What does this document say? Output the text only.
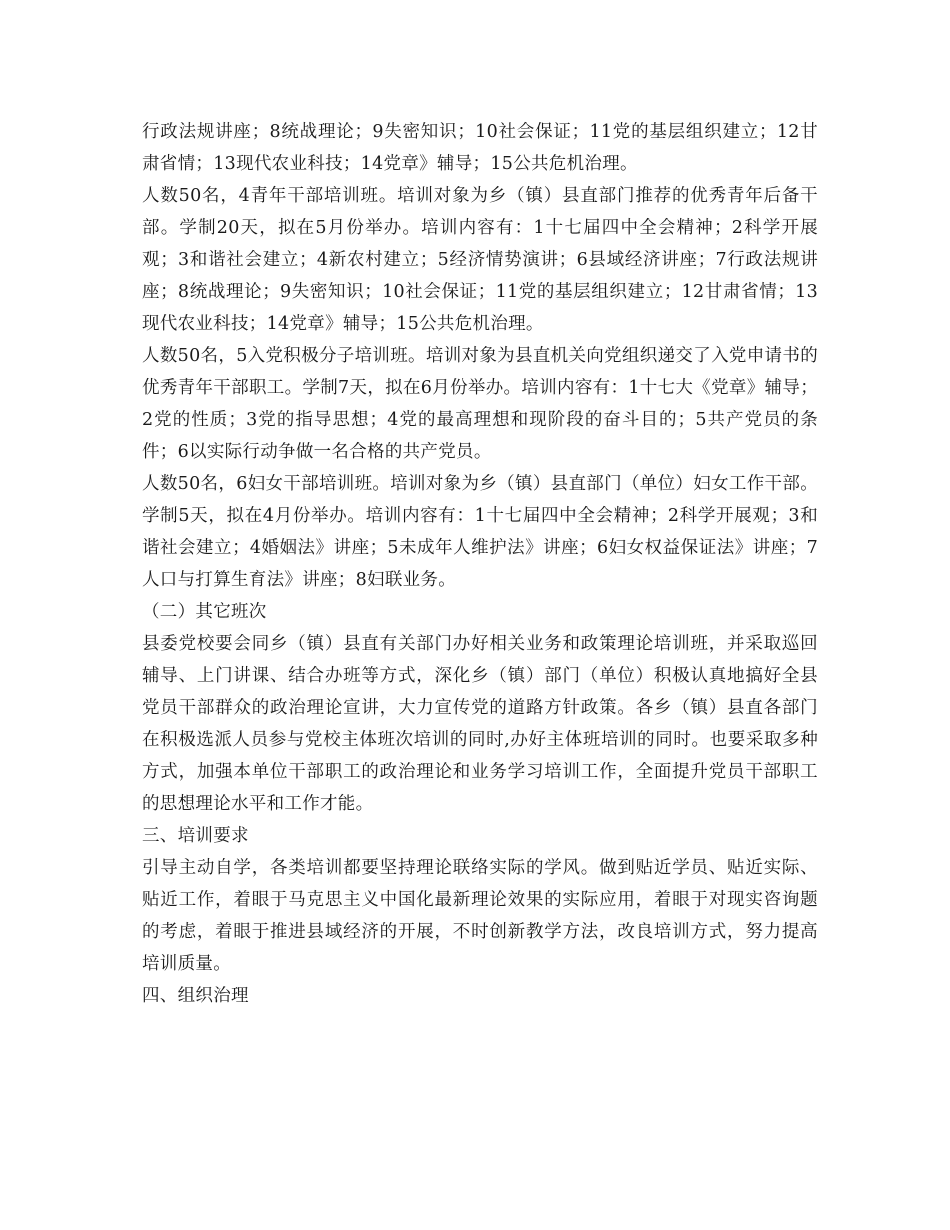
行政法规讲座；8统战理论；9失密知识；10社会保证；11党的基层组织建立；12甘肃省情；13现代农业科技；14党章》辅导；15公共危机治理。

人数50名，4青年干部培训班。培训对象为乡（镇）县直部门推荐的优秀青年后备干部。学制20天，拟在5月份举办。培训内容有：1十七届四中全会精神；2科学开展观；3和谐社会建立；4新农村建立；5经济情势演讲；6县域经济讲座；7行政法规讲座；8统战理论；9失密知识；10社会保证；11党的基层组织建立；12甘肃省情；13现代农业科技；14党章》辅导；15公共危机治理。

人数50名，5入党积极分子培训班。培训对象为县直机关向党组织递交了入党申请书的优秀青年干部职工。学制7天，拟在6月份举办。培训内容有：1十七大《党章》辅导；2党的性质；3党的指导思想；4党的最高理想和现阶段的奋斗目的；5共产党员的条件；6以实际行动争做一名合格的共产党员。

人数50名，6妇女干部培训班。培训对象为乡（镇）县直部门（单位）妇女工作干部。学制5天，拟在4月份举办。培训内容有：1十七届四中全会精神；2科学开展观；3和谐社会建立；4婚姻法》讲座；5未成年人维护法》讲座；6妇女权益保证法》讲座；7人口与打算生育法》讲座；8妇联业务。

（二）其它班次

县委党校要会同乡（镇）县直有关部门办好相关业务和政策理论培训班，并采取巡回辅导、上门讲课、结合办班等方式，深化乡（镇）部门（单位）积极认真地搞好全县党员干部群众的政治理论宣讲，大力宣传党的道路方针政策。各乡（镇）县直各部门在积极选派人员参与党校主体班次培训的同时,办好主体班培训的同时。也要采取多种方式，加强本单位干部职工的政治理论和业务学习培训工作，全面提升党员干部职工的思想理论水平和工作才能。

三、培训要求

引导主动自学，各类培训都要坚持理论联络实际的学风。做到贴近学员、贴近实际、贴近工作，着眼于马克思主义中国化最新理论效果的实际应用，着眼于对现实咨询题的考虑，着眼于推进县域经济的开展，不时创新教学方法，改良培训方式，努力提高培训质量。

四、组织治理
